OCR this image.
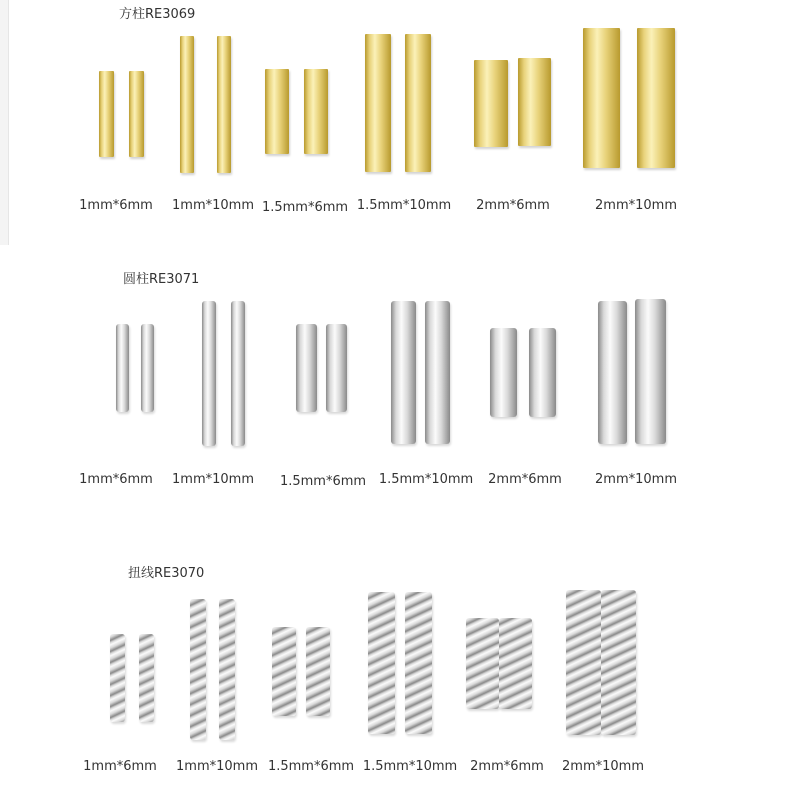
方柱RE3069
1mm*6mm 1mm*10mm 1.5mm*6mm 1.5mm*10mm 2mm*6mm	2mm*10mm
圆柱RE3071
1mm*6mm 1mm*10mm 1.5mm*6mm 1.5mm*10mm 2mm*6mm	2mm*10mm
扭线RE3070
1mm*6mm 1mm*10mm 1.5mm*6mm 1.5mm*10mm 2mm*6mm 2mm*10mm
